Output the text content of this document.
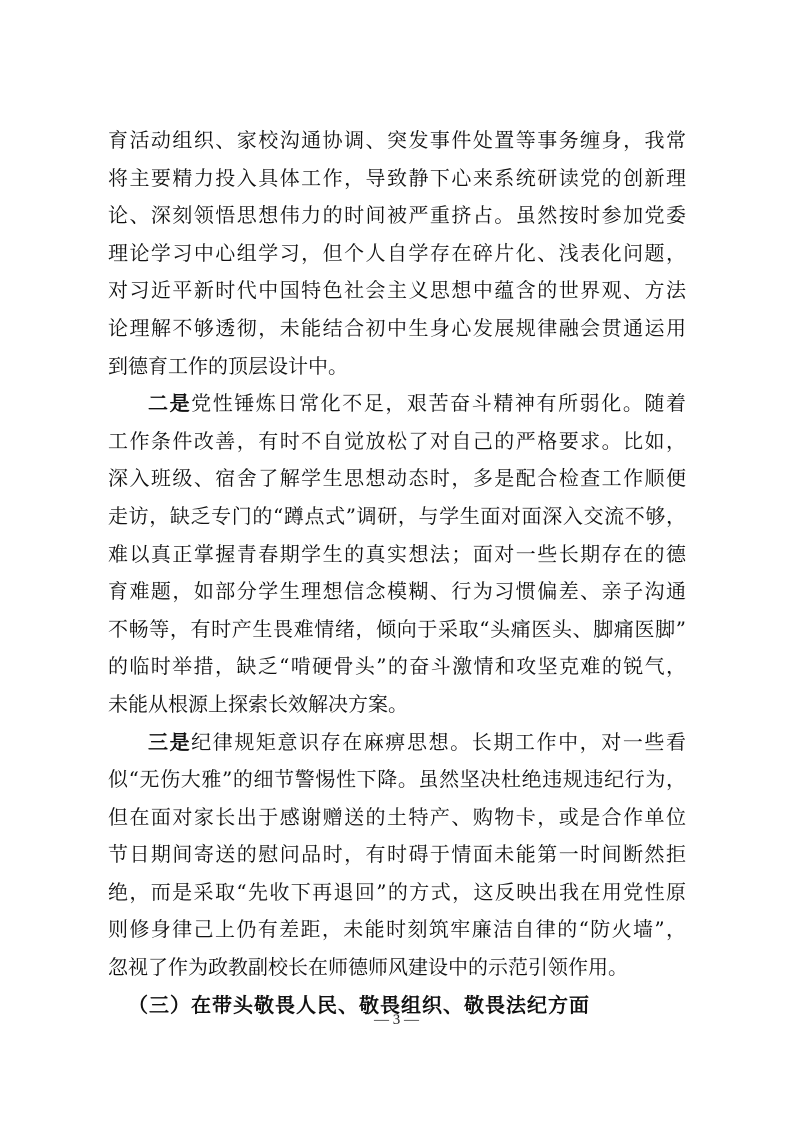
育活动组织、家校沟通协调、突发事件处置等事务缠身，我常
将主要精力投入具体工作，导致静下心来系统研读党的创新理
论、深刻领悟思想伟力的时间被严重挤占。虽然按时参加党委
理论学习中心组学习，但个人自学存在碎片化、浅表化问题，
对习近平新时代中国特色社会主义思想中蕴含的世界观、方法
论理解不够透彻，未能结合初中生身心发展规律融会贯通运用
到德育工作的顶层设计中。
二是党性锤炼日常化不足，艰苦奋斗精神有所弱化。随着
工作条件改善，有时不自觉放松了对自己的严格要求。比如，
深入班级、宿舍了解学生思想动态时，多是配合检查工作顺便
走访，缺乏专门的“蹲点式”调研，与学生面对面深入交流不够，
难以真正掌握青春期学生的真实想法；面对一些长期存在的德
育难题，如部分学生理想信念模糊、行为习惯偏差、亲子沟通
不畅等，有时产生畏难情绪，倾向于采取“头痛医头、脚痛医脚”
的临时举措，缺乏“啃硬骨头”的奋斗激情和攻坚克难的锐气，
未能从根源上探索长效解决方案。
三是纪律规矩意识存在麻痹思想。长期工作中，对一些看
似“无伤大雅”的细节警惕性下降。虽然坚决杜绝违规违纪行为，
但在面对家长出于感谢赠送的土特产、购物卡，或是合作单位
节日期间寄送的慰问品时，有时碍于情面未能第一时间断然拒
绝，而是采取“先收下再退回”的方式，这反映出我在用党性原
则修身律己上仍有差距，未能时刻筑牢廉洁自律的“防火墙”，
忽视了作为政教副校长在师德师风建设中的示范引领作用。
（三）在带头敬畏人民、敬畏组织、敬畏法纪方面
— 3 —
